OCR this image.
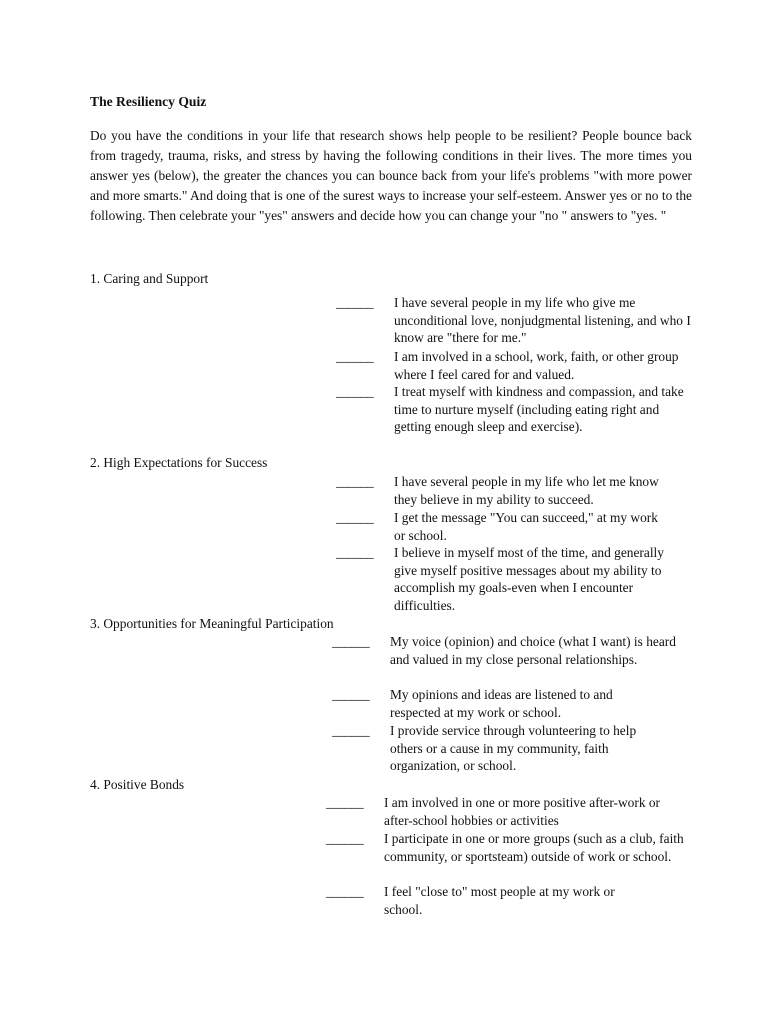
The Resiliency Quiz
Do you have the conditions in your life that research shows help people to be resilient? People bounce back from tragedy, trauma, risks, and stress by having the following conditions in their lives. The more times you answer yes (below), the greater the chances you can bounce back from your life's problems "with more power and more smarts." And doing that is one of the surest ways to increase your self-esteem. Answer yes or no to the following. Then celebrate your "yes" answers and decide how you can change your "no " answers to "yes. "
1. Caring and Support
______ I have several people in my life who give me unconditional love, nonjudgmental listening, and who I know are "there for me."
______ I am involved in a school, work, faith, or other group where I feel cared for and valued.
______ I treat myself with kindness and compassion, and take time to nurture myself (including eating right and getting enough sleep and exercise).
2. High Expectations for Success
______ I have several people in my life who let me know they believe in my ability to succeed.
______ I get the message "You can succeed," at my work or school.
______ I believe in myself most of the time, and generally give myself positive messages about my ability to accomplish my goals-even when I encounter difficulties.
3. Opportunities for Meaningful Participation
______ My voice (opinion) and choice (what I want) is heard and valued in my close personal relationships.
______ My opinions and ideas are listened to and respected at my work or school.
______ I provide service through volunteering to help others or a cause in my community, faith organization, or school.
4. Positive Bonds
______ I am involved in one or more positive after-work or after-school hobbies or activities
______ I participate in one or more groups (such as a club, faith community, or sportsteam) outside of work or school.
______ I feel "close to" most people at my work or school.
